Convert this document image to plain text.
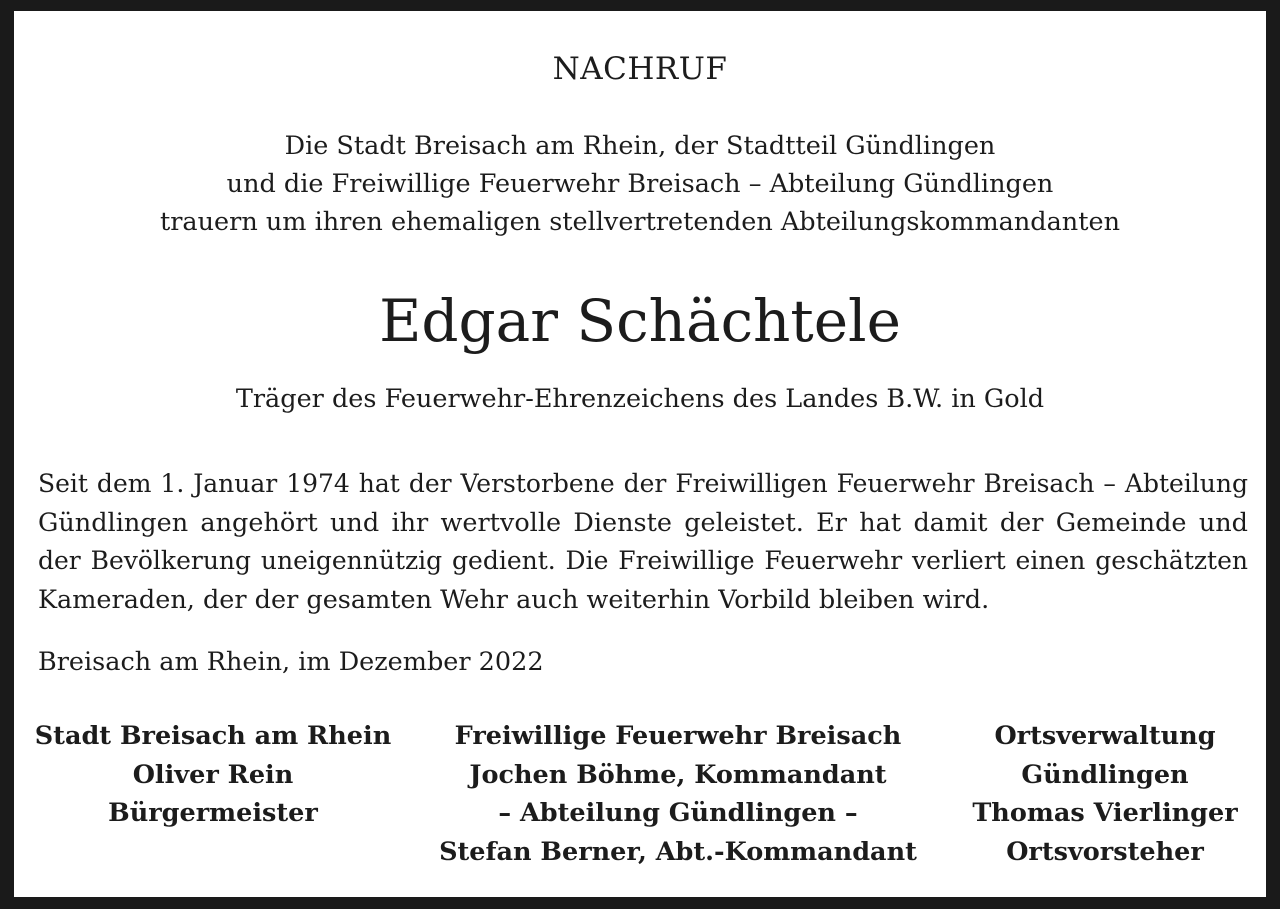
NACHRUF
Die Stadt Breisach am Rhein, der Stadtteil Gündlingen
und die Freiwillige Feuerwehr Breisach – Abteilung Gündlingen
trauern um ihren ehemaligen stellvertretenden Abteilungskommandanten
Edgar Schächtele
Träger des Feuerwehr-Ehrenzeichens des Landes B.W. in Gold
Seit dem 1. Januar 1974 hat der Verstorbene der Freiwilligen Feuerwehr Breisach – Abteilung
Gündlingen angehört und ihr wertvolle Dienste geleistet. Er hat damit der Gemeinde und
der Bevölkerung uneigennützig gedient. Die Freiwillige Feuerwehr verliert einen geschätzten
Kameraden, der der gesamten Wehr auch weiterhin Vorbild bleiben wird.
Breisach am Rhein, im Dezember 2022
Stadt Breisach am Rhein
Oliver Rein
Bürgermeister
Freiwillige Feuerwehr Breisach
Jochen Böhme, Kommandant
– Abteilung Gündlingen –
Stefan Berner, Abt.-Kommandant
Ortsverwaltung
Gündlingen
Thomas Vierlinger
Ortsvorsteher
